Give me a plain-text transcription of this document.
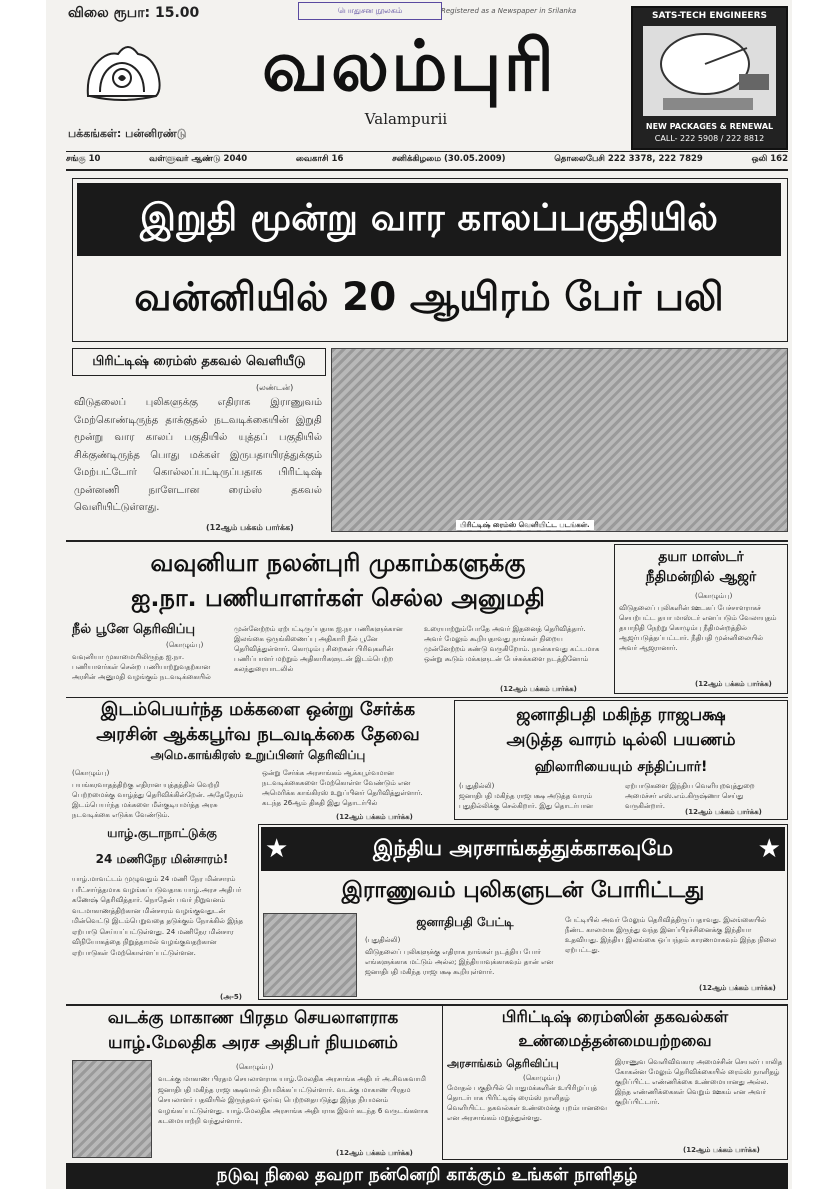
விலை ரூபா: 15.00	பொதுசன நூலகம்	Registered as a Newspaper in Srilanka
வலம்புரி
Valampurii
பக்கங்கள்: பன்னிரண்டு
SATS-TECH ENGINEERS
NEW PACKAGES & RENEWAL
CALL- 222 5908 / 222 8812
சங்கு 10	வள்ளுவர் ஆண்டு 2040	வைகாசி 16	சனிக்கிழமை (30.05.2009)	தொலைபேசி 222 3378, 222 7829	ஒலி 162
இறுதி மூன்று வார காலப்பகுதியில்
வன்னியில் 20 ஆயிரம் பேர் பலி
பிரிட்டிஷ் ரைம்ஸ் தகவல் வெளியீடு
(லண்டன்)
விடுதலைப் புலிகளுக்கு எதிராக இராணுவம் மேற்கொண்டிருந்த தாக்குதல் நடவடிக்கையின் இறுதி மூன்று வார காலப் பகுதியில் யுத்தப் பகுதியில் சிக்குண்டிருந்த பொது மக்கள் இருபதாயிரத்துக்கும் மேற்பட்டோர் கொல்லப்பட்டிருப்பதாக பிரிட்டிஷ் முன்னணி நாளேடான ரைம்ஸ் தகவல் வெளியிட்டுள்ளது.
(12ஆம் பக்கம் பார்க்க)	பிரிட்டிஷ் ரைம்ஸ் வெளியிட்ட படங்கள்.
வவுனியா நலன்புரி முகாம்களுக்கு
ஐ.நா. பணியாளர்கள் செல்ல அனுமதி
நீல் பூனே தெரிவிப்பு
(கொழும்பு)
வவுனியா முகாமையிலிருந்த ஐ.நா. பணியாளர்கள் சென்ற பணியாற்றுவதற்கான அரசின் அனுமதி வழங்கும் நடவடிக்கையில்
முன்னேற்றம் ஏற்பட்டிருப்பதாக ஐ.நா பணிகளுக்கான இலங்கை ஒருங்கிணைப்பு அதிகாரி நீல் பூனே தெரிவித்துள்ளார். கொழும்பு சிறைகள் பிரிவுகளின் பணிப்பாளர் மற்றும் அதிகாரிகளுடன் இடம்பெற்ற கலந்துரையாடலில்
உரையாற்றும்போதே அவர் இதனைத் தெரிவித்தார். அவர் மேலும் கூறியதாவது நாங்கள் நிறைய முன்னேற்றம் கண்டு வருகிறோம். நான்காவது கட்டமாக ஒன்று கூடும் மக்களுடன் பேச்சுக்களை நடத்தினோம்
(12ஆம் பக்கம் பார்க்க)
தயா மாஸ்டர்
நீதிமன்றில் ஆஜர்
(கொழும்பு)
விடுதலைப் புலிகளின் ஊடகப் பேச்சாளராகச் செயற்பட்ட தயா மாஸ்டர் எனப்படும் வேலாயுதம் தயாநிதி நேற்று கொழும்பு நீதிமன்றத்தில் ஆஜர்படுத்தப்பட்டார். நீதிபதி முன்னிலையில் அவர் ஆஜரானார்.
(12ஆம் பக்கம் பார்க்க)
இடம்பெயர்ந்த மக்களை ஒன்று சேர்க்க
அரசின் ஆக்கபூர்வ நடவடிக்கை தேவை
அமெ.காங்கிரஸ் உறுப்பினர் தெரிவிப்பு
(கொழும்பு)
பயங்கரவாதத்திற்கு எதிரான யுத்தத்தில் வெற்றி பெற்றமைக்கு வாழ்த்து தெரிவிக்கின்றேன். அதேநேரம் இடம்பெயர்ந்த மக்களை மீள்குடியமர்த்த அரசு நடவடிக்கை எடுக்க வேண்டும்.
ஒன்று சேர்க்க அரசாங்கம் ஆக்கபூர்வமான நடவடிக்கைகளை மேற்கொள்ள வேண்டும் என அமெரிக்க காங்கிரஸ் உறுப்பினர் தெரிவித்துள்ளார். கடந்த 26ஆம் திகதி இது தொடர்பில்
(12ஆம் பக்கம் பார்க்க)
ஜனாதிபதி மகிந்த ராஜபக்ஷ
அடுத்த வாரம் டில்லி பயணம்
ஹிலாரியையும் சந்திப்பார்!
(புதுதில்லி)
ஜனாதிபதி மகிந்த ராஜபக்ஷ அடுத்த வாரம் புதுதில்லிக்கு செல்கிறார். இது தொடர்பான
ஏற்பாடுகளை இந்திய வெளியுறவுத்துறை அமைச்சர் எஸ்.எம்.கிருஷ்ணா செய்து வருகின்றார்.
(12ஆம் பக்கம் பார்க்க)
யாழ்.குடாநாட்டுக்கு
24 மணிநேர மின்சாரம்!
யாழ்.மாவட்டம் முழுவதும் 24 மணி நேர மின்சாரம் பரீட்சார்த்தமாக வழங்கப்படுவதாக யாழ்.அரச அதிபர் கணேஷ் தெரிவித்தார். நொதேன் பவர் நிறுவனம் வடமாகாணத்திற்கான மின்சாரம் வழங்குவதுடன் மின்வெட்டு இடம்பெறுவதை தடுக்கும் நோக்கில் இந்த ஏற்பாடு செய்யப்பட்டுள்ளது. 24 மணிநேர மின்சார விநியோகத்தை நிறுத்தாமல் வழங்குவதற்கான ஏற்பாடுகள் மேற்கொள்ளப்பட்டுள்ளன.
(அ-5)
★	இந்திய அரசாங்கத்துக்காகவுமே	★
இராணுவம் புலிகளுடன் போரிட்டது
ஜனாதிபதி பேட்டி
(புதுதில்லி)
விடுதலைப் புலிகளுக்கு எதிராக நாங்கள் நடத்திய போர் எங்களுக்காக மட்டும் அல்ல; இந்தியாவுக்காகவும் தான் என ஜனாதிபதி மகிந்த ராஜபக்ஷ கூறியுள்ளார்.
பேட்டியில் அவர் மேலும் தெரிவித்திருப்பதாவது. இலங்கையில் நீண்ட காலமாக இருந்து வந்த இனப்பிரச்சினைக்கு இந்தியா உதவியது. இந்திய இலங்கை ஒப்பந்தம் காரணமாகவும் இந்த நிலை ஏற்பட்டது.
(12ஆம் பக்கம் பார்க்க)
வடக்கு மாகாண பிரதம செயலாளராக
யாழ்.மேலதிக அரச அதிபர் நியமனம்
(கொழும்பு)
வடக்கு மாகாண பிரதம செயலாளராக யாழ்.மேலதிக அரசாங்க அதிபர் அ.சிவசுவாமி ஜனாதிபதி மகிந்த ராஜபக்ஷவால் நியமிக்கப்பட்டுள்ளார். வடக்கு மாகாண பிரதம செயலாளர் பதவியில் இருந்தவர் ஓய்வு பெற்றதையடுத்து இந்த நியமனம் வழங்கப்பட்டுள்ளது. யாழ்.மேலதிக அரசாங்க அதிபராக இவர் கடந்த 6 வருடங்களாக கடமையாற்றி வந்துள்ளார்.
(12ஆம் பக்கம் பார்க்க)
பிரிட்டிஷ் ரைம்ஸின் தகவல்கள்
உண்மைத்தன்மையற்றவை
அரசாங்கம் தெரிவிப்பு
(கொழும்பு)
மோதல் பகுதியில் பொதுமக்களின் உயிரிழப்புத் தொடர்பாக பிரிட்டிஷ் ரைம்ஸ் நாளிதழ் வெளியிட்ட தகவல்கள் உண்மைக்கு புறம்பானவை என அரசாங்கம் மறுத்துள்ளது.
இராணுவ வெளிவிவகார அமைச்சின் செயலர் பாலித கோகன்ன மேலும் தெரிவிக்கையில் ரைம்ஸ் நாளிதழ் குறிப்பிட்ட எண்ணிக்கை உண்மையானது அல்ல. இந்த எண்ணிக்கைகள் வெறும் ஊகம் என அவர் குறிப்பிட்டார்.
(12ஆம் பக்கம் பார்க்க)
நடுவு நிலை தவறா நன்னெறி காக்கும் உங்கள் நாளிதழ்
